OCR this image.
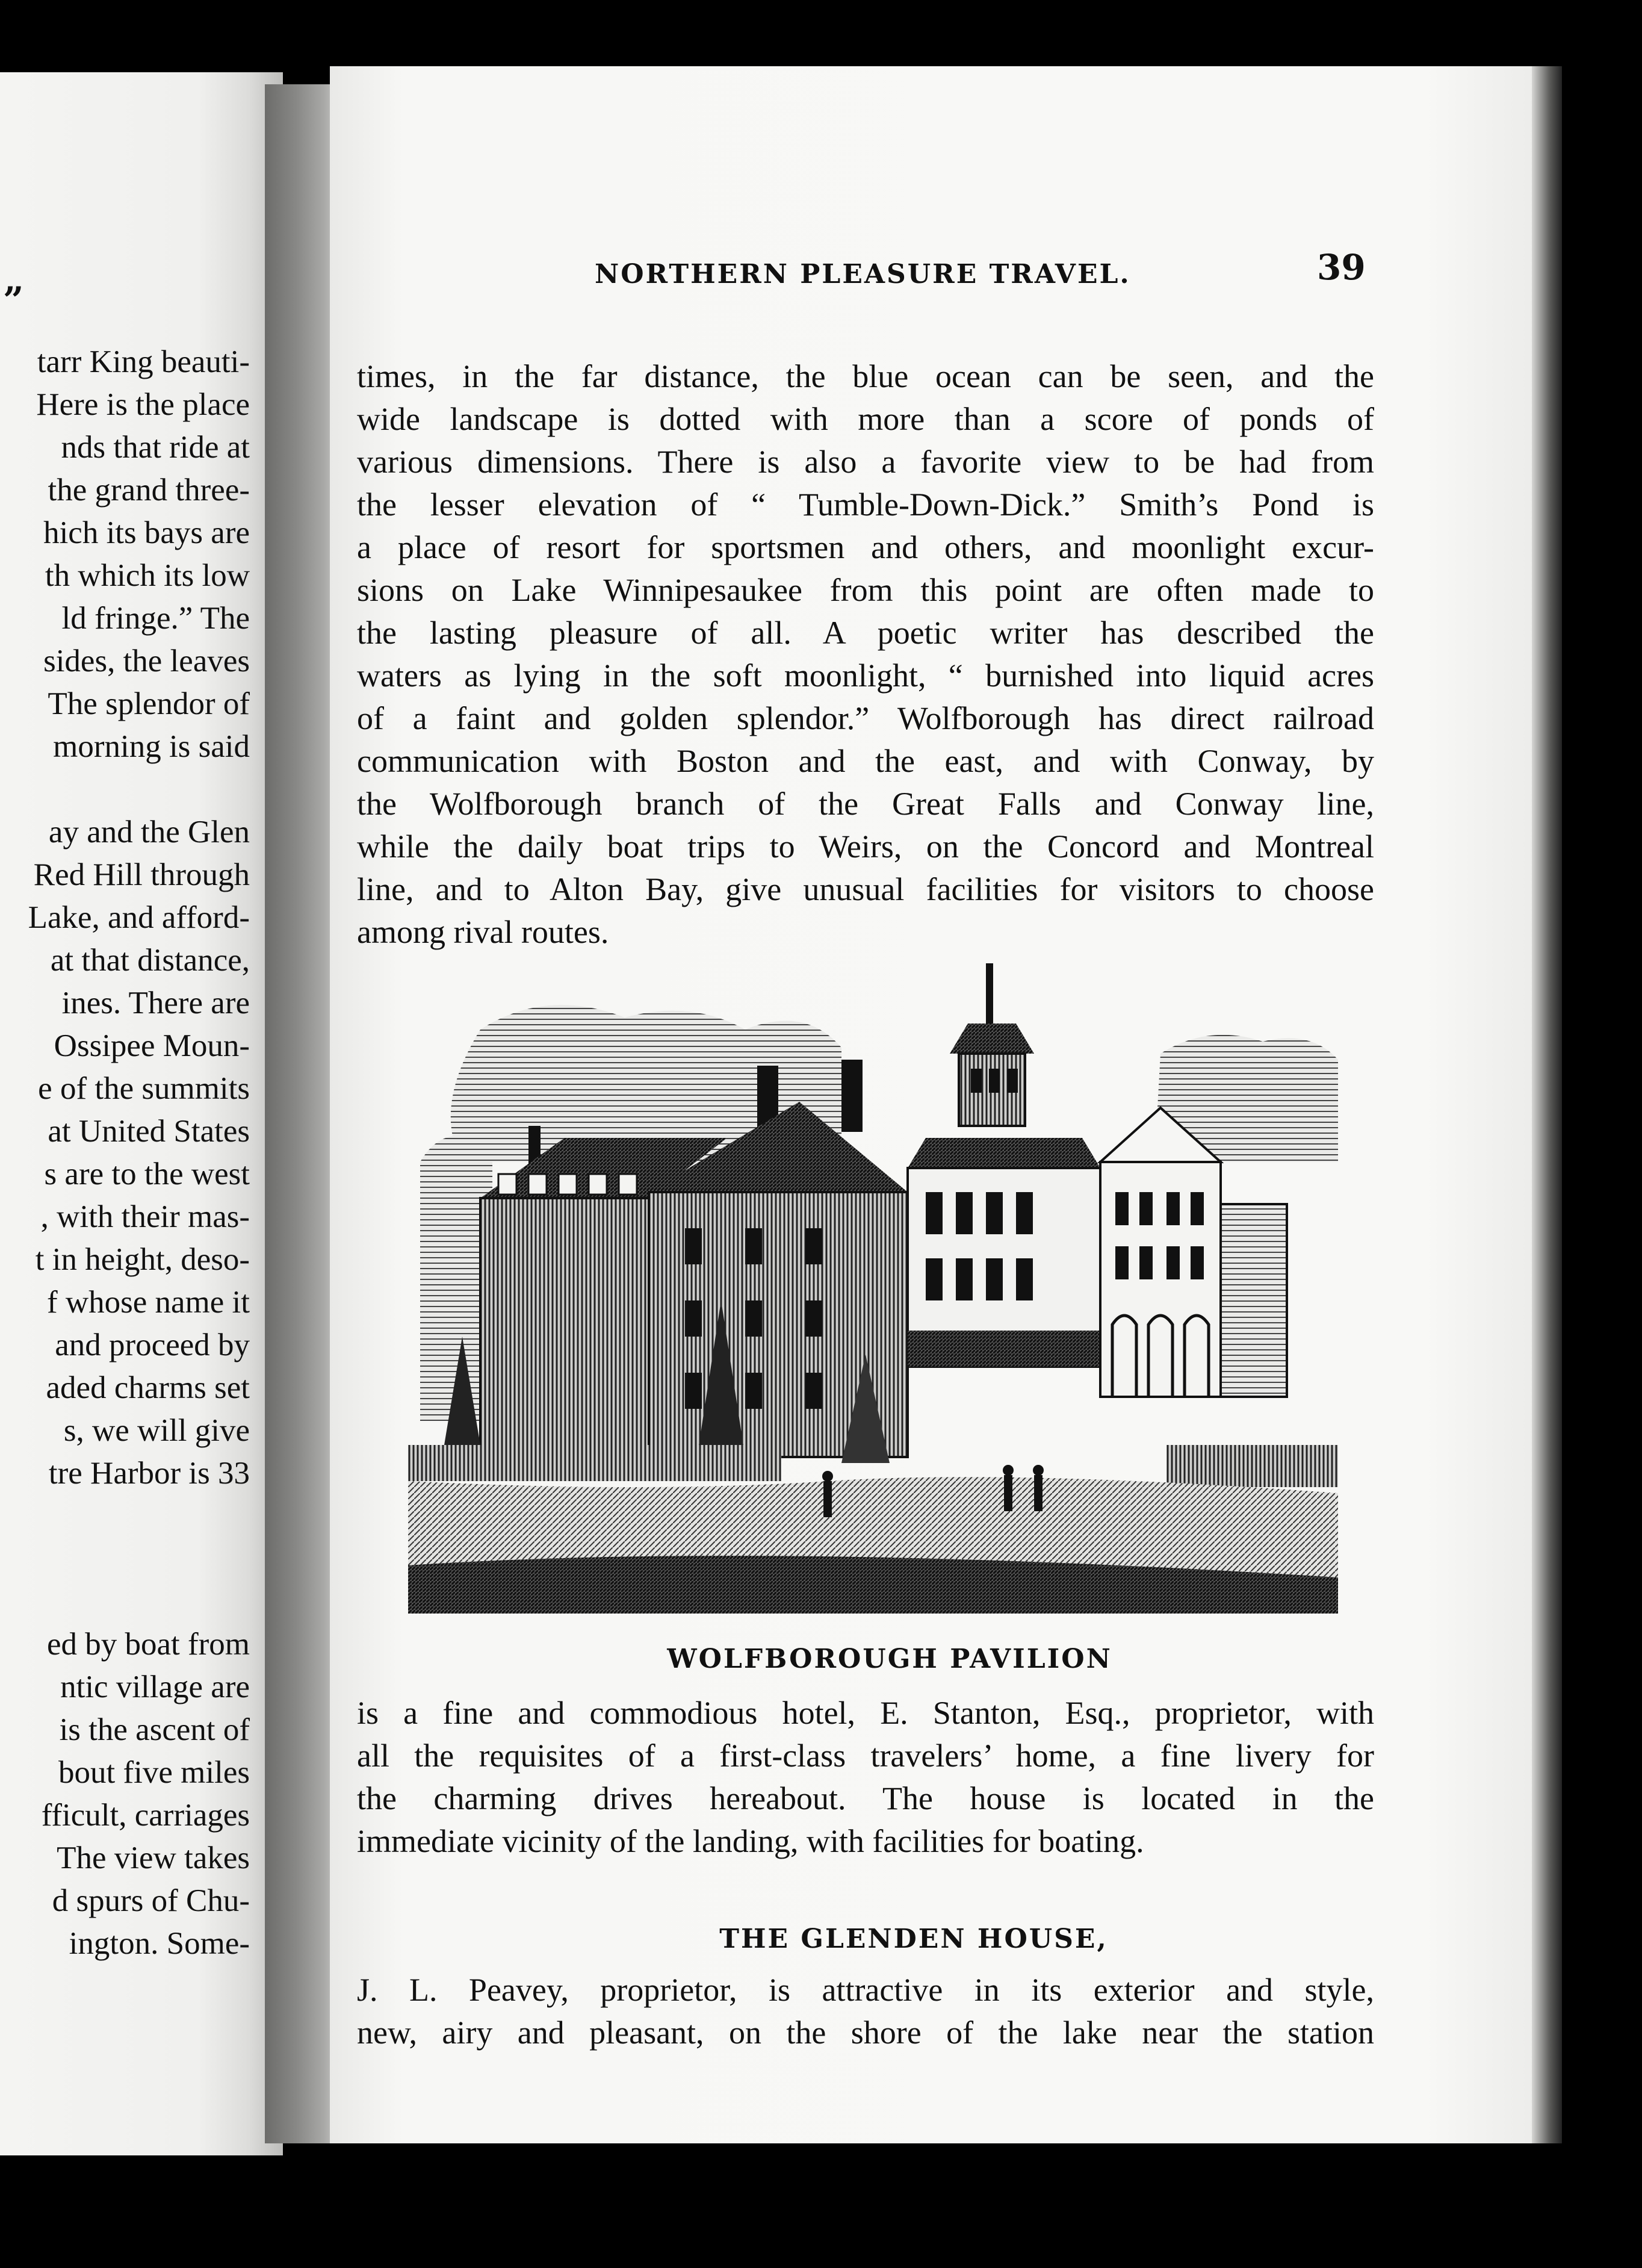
„
tarr King beauti-
Here is the place
nds that ride at
the grand three-
hich its bays are
th which its low
ld fringe.” The
sides, the leaves
The splendor of
morning is said
ay and the Glen
Red Hill through
Lake, and afford-
at that distance,
ines. There are
Ossipee Moun-
e of the summits
at United States
s are to the west
, with their mas-
t in height, deso-
f whose name it
and proceed by
aded charms set
s, we will give
tre Harbor is 33
ed by boat from
ntic village are
is the ascent of
bout five miles
fficult, carriages
The view takes
d spurs of Chu-
ington. Some-
NORTHERN PLEASURE TRAVEL.	39
times, in the far distance, the blue ocean can be seen, and the
wide landscape is dotted with more than a score of ponds of
various dimensions. There is also a favorite view to be had from
the lesser elevation of “ Tumble-Down-Dick.” Smith’s Pond is
a place of resort for sportsmen and others, and moonlight excur-
sions on Lake Winnipesaukee from this point are often made to
the lasting pleasure of all. A poetic writer has described the
waters as lying in the soft moonlight, “ burnished into liquid acres
of a faint and golden splendor.” Wolfborough has direct railroad
communication with Boston and the east, and with Conway, by
the Wolfborough branch of the Great Falls and Conway line,
while the daily boat trips to Weirs, on the Concord and Montreal
line, and to Alton Bay, give unusual facilities for visitors to choose
among rival routes.
WOLFBOROUGH PAVILION
is a fine and commodious hotel, E. Stanton, Esq., proprietor, with
all the requisites of a first-class travelers’ home, a fine livery for
the charming drives hereabout. The house is located in the
immediate vicinity of the landing, with facilities for boating.
THE GLENDEN HOUSE,
J. L. Peavey, proprietor, is attractive in its exterior and style,
new, airy and pleasant, on the shore of the lake near the station
